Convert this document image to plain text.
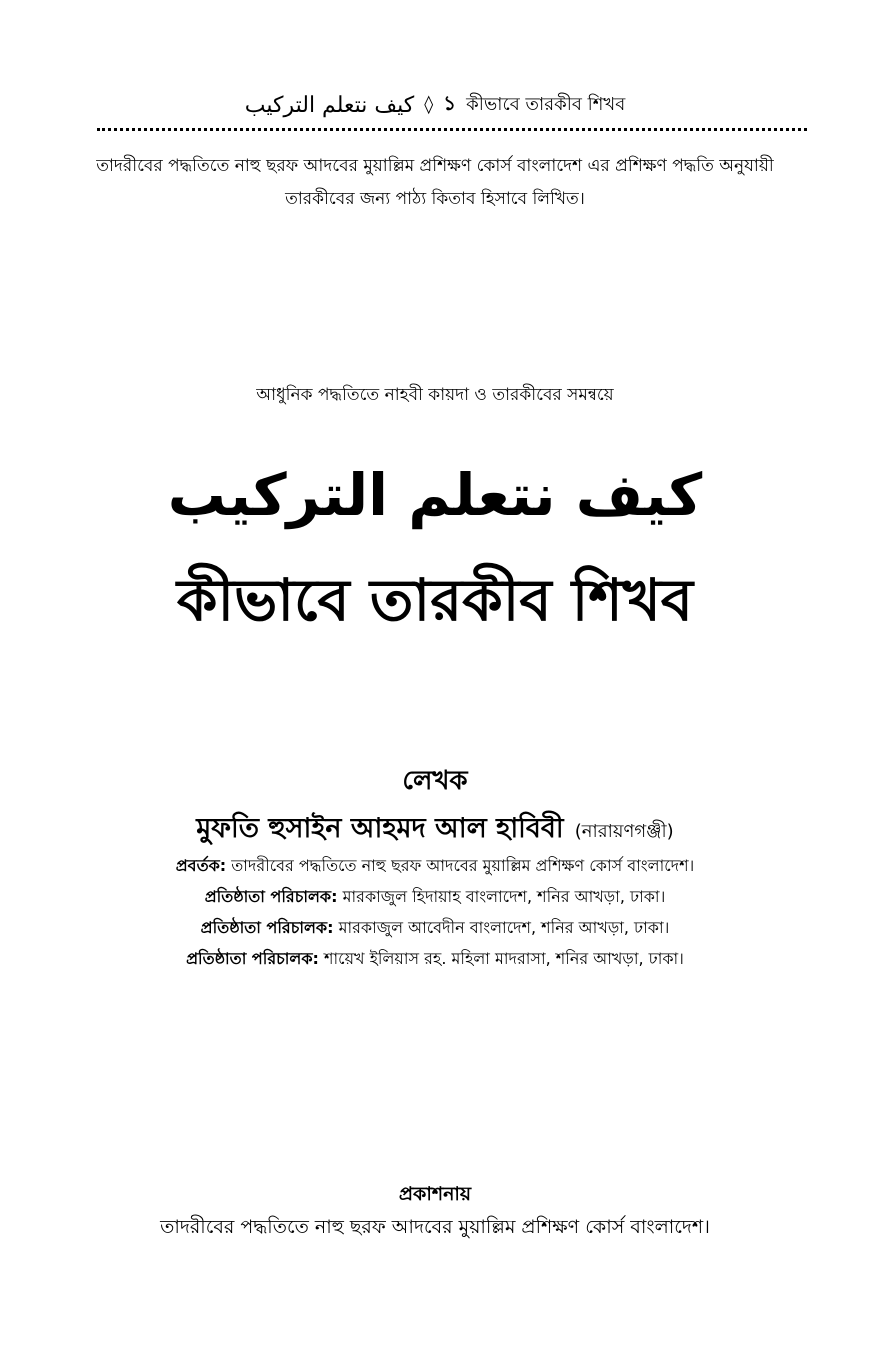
كيف نتعلم التركيب ◊ ১ কীভাবে তারকীব শিখব
তাদরীবের পদ্ধতিতে নাহু ছরফ আদবের মুয়াল্লিম প্রশিক্ষণ কোর্স বাংলাদেশ এর প্রশিক্ষণ পদ্ধতি অনুযায়ী তারকীবের জন্য পাঠ্য কিতাব হিসাবে লিখিত।
আধুনিক পদ্ধতিতে নাহবী কায়দা ও তারকীবের সমন্বয়ে
كيف نتعلم التركيب
কীভাবে তারকীব শিখব
লেখক
মুফতি হুসাইন আহমদ আল হাবিবী (নারায়ণগঞ্জী)
প্রবর্তক: তাদরীবের পদ্ধতিতে নাহু ছরফ আদবের মুয়াল্লিম প্রশিক্ষণ কোর্স বাংলাদেশ।
প্রতিষ্ঠাতা পরিচালক: মারকাজুল হিদায়াহ বাংলাদেশ, শনির আখড়া, ঢাকা।
প্রতিষ্ঠাতা পরিচালক: মারকাজুল আবেদীন বাংলাদেশ, শনির আখড়া, ঢাকা।
প্রতিষ্ঠাতা পরিচালক: শায়েখ ইলিয়াস রহ. মহিলা মাদরাসা, শনির আখড়া, ঢাকা।
প্রকাশনায়
তাদরীবের পদ্ধতিতে নাহু ছরফ আদবের মুয়াল্লিম প্রশিক্ষণ কোর্স বাংলাদেশ।
